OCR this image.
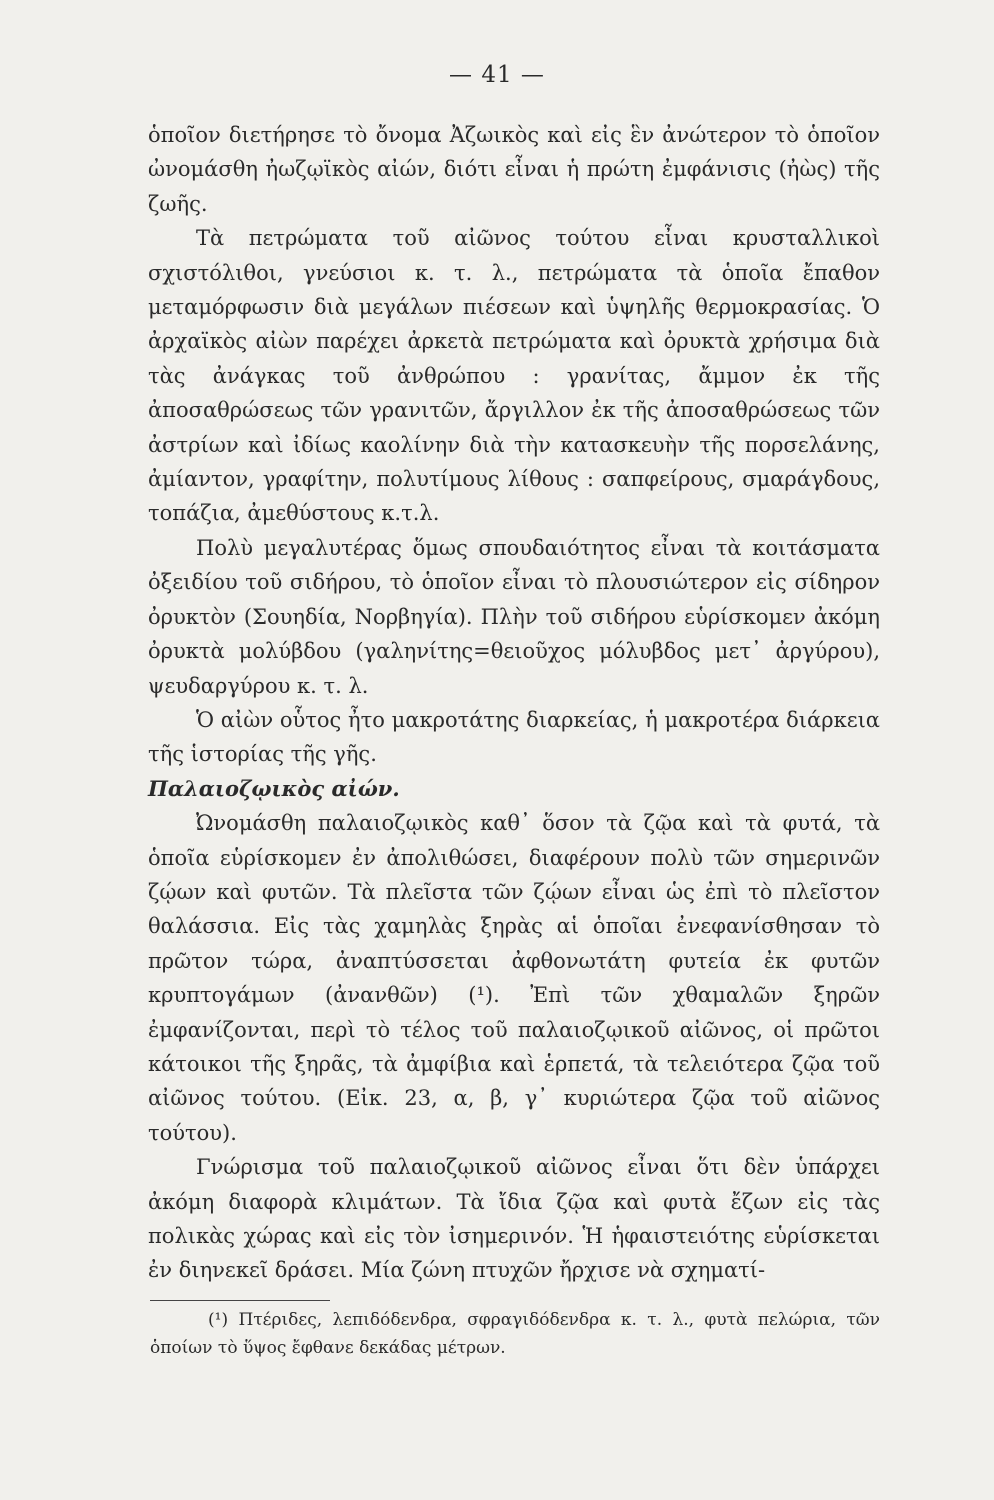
— 41 —

ὁποῖον διετήρησε τὸ ὄνομα Ἀζωικὸς καὶ εἰς ἓν ἀνώτερον τὸ ὁποῖον ὠνομάσθη ἠωζῳϊκὸς αἰών, διότι εἶναι ἡ πρώτη ἐμφάνισις (ἠὼς) τῆς ζωῆς.

Τὰ πετρώματα τοῦ αἰῶνος τούτου εἶναι κρυσταλλικοὶ σχιστόλιθοι, γνεύσιοι κ. τ. λ., πετρώματα τὰ ὁποῖα ἔπαθον μεταμόρφωσιν διὰ μεγάλων πιέσεων καὶ ὑψηλῆς θερμοκρασίας. Ὁ ἀρχαϊκὸς αἰὼν παρέχει ἀρκετὰ πετρώματα καὶ ὀρυκτὰ χρήσιμα διὰ τὰς ἀνάγκας τοῦ ἀνθρώπου : γρανίτας, ἄμμον ἐκ τῆς ἀποσαθρώσεως τῶν γρανιτῶν, ἄργιλλον ἐκ τῆς ἀποσαθρώσεως τῶν ἀστρίων καὶ ἰδίως καολίνην διὰ τὴν κατασκευὴν τῆς πορσελάνης, ἀμίαντον, γραφίτην, πολυτίμους λίθους : σαπφείρους, σμαράγδους, τοπάζια, ἀμεθύστους κ.τ.λ.

Πολὺ μεγαλυτέρας ὅμως σπουδαιότητος εἶναι τὰ κοιτάσματα ὀξειδίου τοῦ σιδήρου, τὸ ὁποῖον εἶναι τὸ πλουσιώτερον εἰς σίδηρον ὀρυκτὸν (Σουηδία, Νορβηγία). Πλὴν τοῦ σιδήρου εὑρίσκομεν ἀκόμη ὀρυκτὰ μολύβδου (γαληνίτης=θειοῦχος μόλυβδος μετ᾽ ἀργύρου), ψευδαργύρου κ. τ. λ.

Ὁ αἰὼν οὗτος ἦτο μακροτάτης διαρκείας, ἡ μακροτέρα διάρκεια τῆς ἱστορίας τῆς γῆς.

Παλαιοζῳικὸς αἰών.

Ὠνομάσθη παλαιοζῳικὸς καθ᾽ ὅσον τὰ ζῷα καὶ τὰ φυτά, τὰ ὁποῖα εὑρίσκομεν ἐν ἀπολιθώσει, διαφέρουν πολὺ τῶν σημερινῶν ζῴων καὶ φυτῶν. Τὰ πλεῖστα τῶν ζῴων εἶναι ὡς ἐπὶ τὸ πλεῖστον θαλάσσια. Εἰς τὰς χαμηλὰς ξηρὰς αἱ ὁποῖαι ἐνεφανίσθησαν τὸ πρῶτον τώρα, ἀναπτύσσεται ἀφθονωτάτη φυτεία ἐκ φυτῶν κρυπτογάμων (ἀνανθῶν) (¹). Ἐπὶ τῶν χθαμαλῶν ξηρῶν ἐμφανίζονται, περὶ τὸ τέλος τοῦ παλαιοζῳικοῦ αἰῶνος, οἱ πρῶτοι κάτοικοι τῆς ξηρᾶς, τὰ ἀμφίβια καὶ ἑρπετά, τὰ τελειότερα ζῷα τοῦ αἰῶνος τούτου. (Εἰκ. 23, α, β, γ᾽ κυριώτερα ζῷα τοῦ αἰῶνος τούτου).

Γνώρισμα τοῦ παλαιοζῳικοῦ αἰῶνος εἶναι ὅτι δὲν ὑπάρχει ἀκόμη διαφορὰ κλιμάτων. Τὰ ἴδια ζῷα καὶ φυτὰ ἔζων εἰς τὰς πολικὰς χώρας καὶ εἰς τὸν ἰσημερινόν. Ἡ ἡφαιστειότης εὑρίσκεται ἐν διηνεκεῖ δράσει. Μία ζώνη πτυχῶν ἤρχισε νὰ σχηματί-

(¹) Πτέριδες, λεπιδόδενδρα, σφραγιδόδενδρα κ. τ. λ., φυτὰ πελώρια, τῶν ὁποίων τὸ ὕψος ἔφθανε δεκάδας μέτρων.
